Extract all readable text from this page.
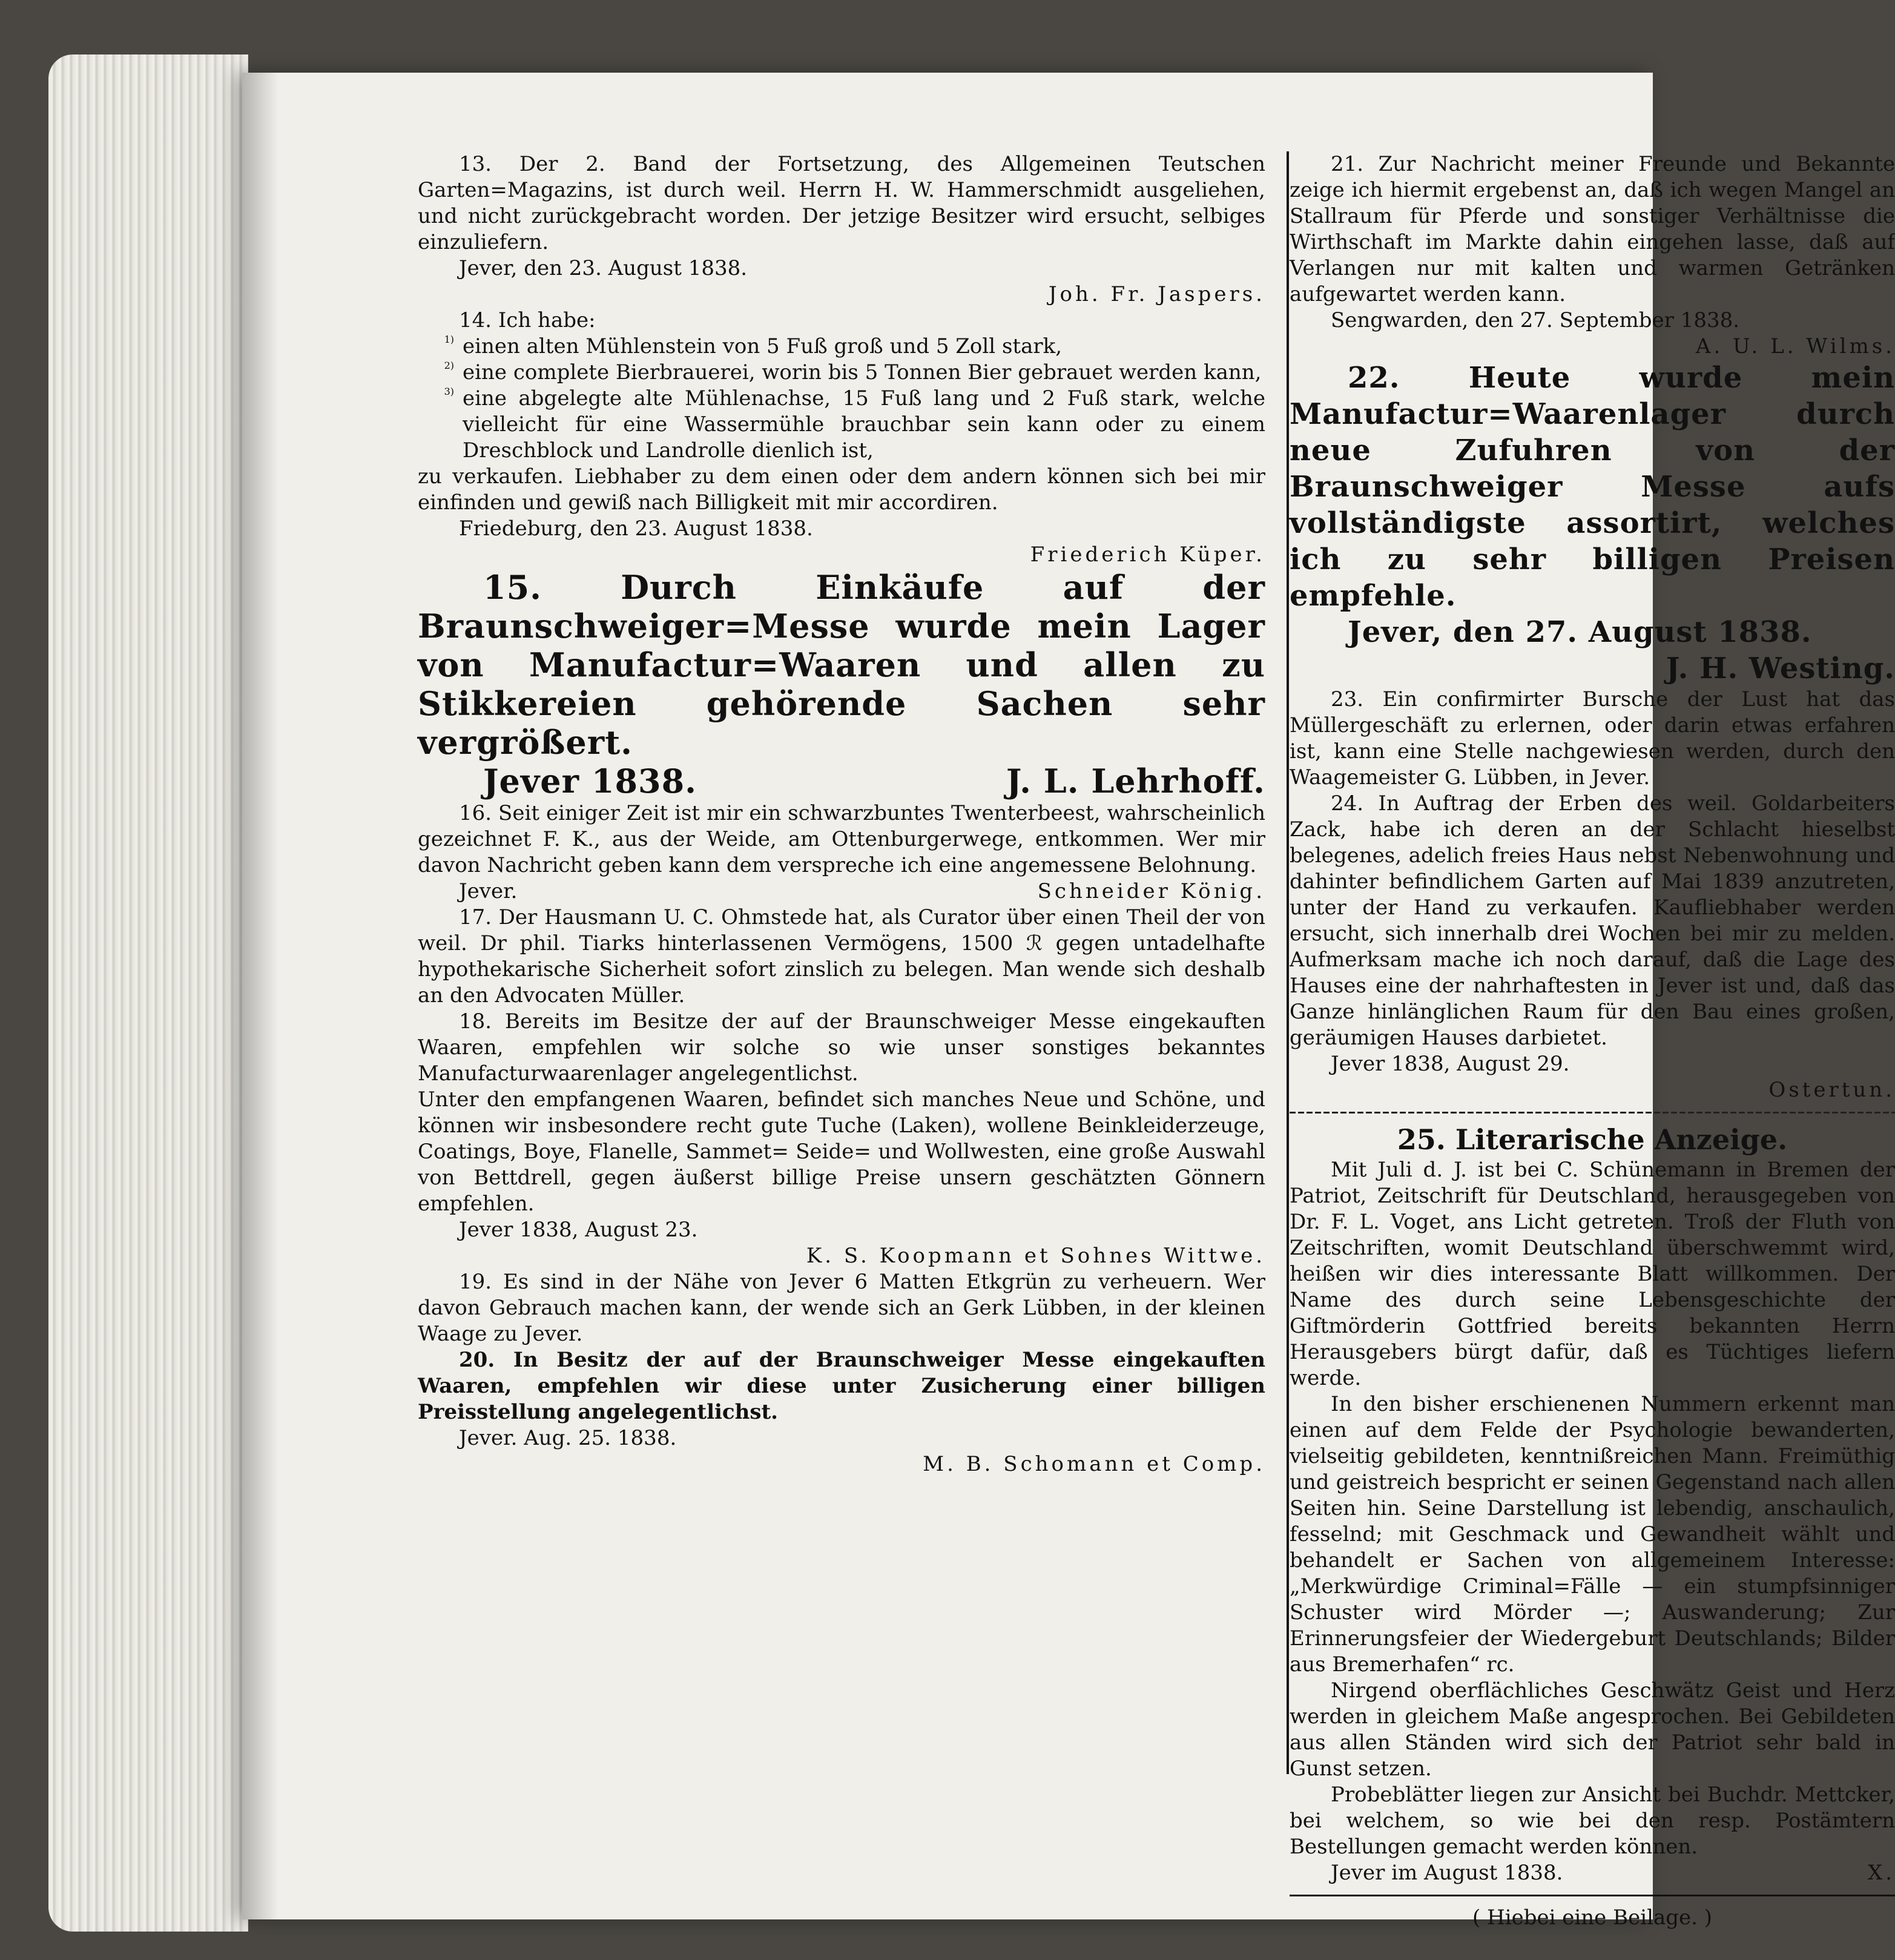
13. Der 2. Band der Fortsetzung, des Allgemeinen Teutschen Garten=Magazins, ist durch weil. Herrn H. W. Hammerschmidt ausgeliehen, und nicht zurückgebracht worden. Der jetzige Besitzer wird ersucht, selbiges einzuliefern.

Jever, den 23. August 1838.

Joh. Fr. Jaspers.

14. Ich habe:

1) einen alten Mühlenstein von 5 Fuß groß und 5 Zoll stark,

2) eine complete Bierbrauerei, worin bis 5 Tonnen Bier gebrauet werden kann,

3) eine abgelegte alte Mühlenachse, 15 Fuß lang und 2 Fuß stark, welche vielleicht für eine Wassermühle brauchbar sein kann oder zu einem Dreschblock und Landrolle dienlich ist,

zu verkaufen. Liebhaber zu dem einen oder dem andern können sich bei mir einfinden und gewiß nach Billigkeit mit mir accordiren.

Friedeburg, den 23. August 1838.

Friederich Küper.

15. Durch Einkäufe auf der Braunschweiger=Messe wurde mein Lager von Manufactur=Waaren und allen zu Stikkereien gehörende Sachen sehr vergrößert.

Jever 1838.	J. L. Lehrhoff.

16. Seit einiger Zeit ist mir ein schwarzbuntes Twenterbeest, wahrscheinlich gezeichnet F. K., aus der Weide, am Ottenburgerwege, entkommen. Wer mir davon Nachricht geben kann dem verspreche ich eine angemessene Belohnung.

Jever.	Schneider König.

17. Der Hausmann U. C. Ohmstede hat, als Curator über einen Theil der von weil. Dr phil. Tiarks hinterlassenen Vermögens, 1500 ℛ gegen untadelhafte hypothekarische Sicherheit sofort zinslich zu belegen. Man wende sich deshalb an den Advocaten Müller.

18. Bereits im Besitze der auf der Braunschweiger Messe eingekauften Waaren, empfehlen wir solche so wie unser sonstiges bekanntes Manufacturwaarenlager angelegentlichst.

Unter den empfangenen Waaren, befindet sich manches Neue und Schöne, und können wir insbesondere recht gute Tuche (Laken), wollene Beinkleiderzeuge, Coatings, Boye, Flanelle, Sammet= Seide= und Wollwesten, eine große Auswahl von Bettdrell, gegen äußerst billige Preise unsern geschätzten Gönnern empfehlen.

Jever 1838, August 23.

K. S. Koopmann et Sohnes Wittwe.

19. Es sind in der Nähe von Jever 6 Matten Etkgrün zu verheuern. Wer davon Gebrauch machen kann, der wende sich an Gerk Lübben, in der kleinen Waage zu Jever.

20. In Besitz der auf der Braunschweiger Messe eingekauften Waaren, empfehlen wir diese unter Zusicherung einer billigen Preisstellung angelegentlichst.

Jever. Aug. 25. 1838.

M. B. Schomann et Comp.

21. Zur Nachricht meiner Freunde und Bekannte zeige ich hiermit ergebenst an, daß ich wegen Mangel an Stallraum für Pferde und sonstiger Verhältnisse die Wirthschaft im Markte dahin eingehen lasse, daß auf Verlangen nur mit kalten und warmen Getränken aufgewartet werden kann.

Sengwarden, den 27. September 1838.

A. U. L. Wilms.

22. Heute wurde mein Manufactur=Waarenlager durch neue Zufuhren von der Braunschweiger Messe aufs vollständigste assortirt, welches ich zu sehr billigen Preisen empfehle.

Jever, den 27. August 1838.

J. H. Westing.

23. Ein confirmirter Bursche der Lust hat das Müllergeschäft zu erlernen, oder darin etwas erfahren ist, kann eine Stelle nachgewiesen werden, durch den Waagemeister G. Lübben, in Jever.

24. In Auftrag der Erben des weil. Goldarbeiters Zack, habe ich deren an der Schlacht hieselbst belegenes, adelich freies Haus nebst Nebenwohnung und dahinter befindlichem Garten auf Mai 1839 anzutreten, unter der Hand zu verkaufen. Kaufliebhaber werden ersucht, sich innerhalb drei Wochen bei mir zu melden. Aufmerksam mache ich noch darauf, daß die Lage des Hauses eine der nahrhaftesten in Jever ist und, daß das Ganze hinlänglichen Raum für den Bau eines großen, geräumigen Hauses darbietet.

Jever 1838, August 29.

Ostertun.

25. Literarische Anzeige.

Mit Juli d. J. ist bei C. Schünemann in Bremen der Patriot, Zeitschrift für Deutschland, herausgegeben von Dr. F. L. Voget, ans Licht getreten. Troß der Fluth von Zeitschriften, womit Deutschland überschwemmt wird, heißen wir dies interessante Blatt willkommen. Der Name des durch seine Lebensgeschichte der Giftmörderin Gottfried bereits bekannten Herrn Herausgebers bürgt dafür, daß es Tüchtiges liefern werde.

In den bisher erschienenen Nummern erkennt man einen auf dem Felde der Psychologie bewanderten, vielseitig gebildeten, kenntnißreichen Mann. Freimüthig und geistreich bespricht er seinen Gegenstand nach allen Seiten hin. Seine Darstellung ist lebendig, anschaulich, fesselnd; mit Geschmack und Gewandheit wählt und behandelt er Sachen von allgemeinem Interesse: „Merkwürdige Criminal=Fälle — ein stumpfsinniger Schuster wird Mörder —; Auswanderung; Zur Erinnerungsfeier der Wiedergeburt Deutschlands; Bilder aus Bremerhafen“ rc.

Nirgend oberflächliches Geschwätz Geist und Herz werden in gleichem Maße angesprochen. Bei Gebildeten aus allen Ständen wird sich der Patriot sehr bald in Gunst setzen.

Probeblätter liegen zur Ansicht bei Buchdr. Mettcker, bei welchem, so wie bei den resp. Postämtern Bestellungen gemacht werden können.

Jever im August 1838.	X.

( Hiebei eine Beilage. )
